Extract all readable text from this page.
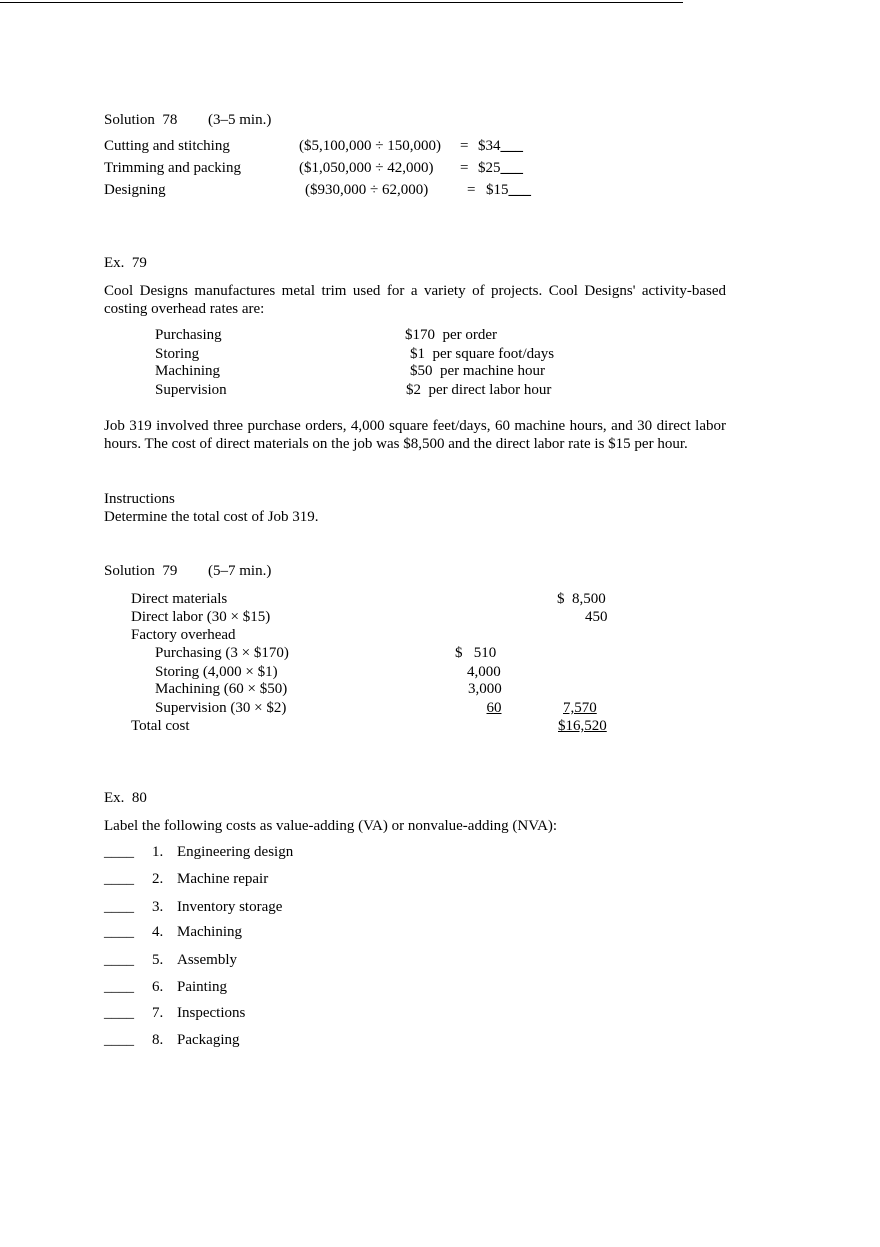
Solution  78 (3–5 min.)
Cutting and stitching	($5,100,000 ÷ 150,000) = $34___
Trimming and packing	($1,050,000 ÷ 42,000) = $25___
Designing	($930,000 ÷ 62,000)	= $15___
Ex.  79
Cool Designs manufactures metal trim used for a variety of projects. Cool Designs' activity-based costing overhead rates are:
Purchasing	$170  per order
Storing	$1  per square foot/days
Machining	$50  per machine hour
Supervision	$2  per direct labor hour
Job 319 involved three purchase orders, 4,000 square feet/days, 60 machine hours, and 30 direct labor hours. The cost of direct materials on the job was $8,500 and the direct labor rate is $15 per hour.
Instructions
Determine the total cost of Job 319.
Solution  79 (5–7 min.)
Direct materials	$  8,500
Direct labor (30 × $15)	450
Factory overhead
Purchasing (3 × $170)	$   510
Storing (4,000 × $1)	4,000
Machining (60 × $50)	3,000
Supervision (30 × $2)	60	7,570
Total cost	$16,520
Ex.  80
Label the following costs as value-adding (VA) or nonvalue-adding (NVA):
____ 1. Engineering design
____ 2. Machine repair
____ 3. Inventory storage
____ 4. Machining
____ 5. Assembly
____ 6. Painting
____ 7. Inspections
____ 8. Packaging
